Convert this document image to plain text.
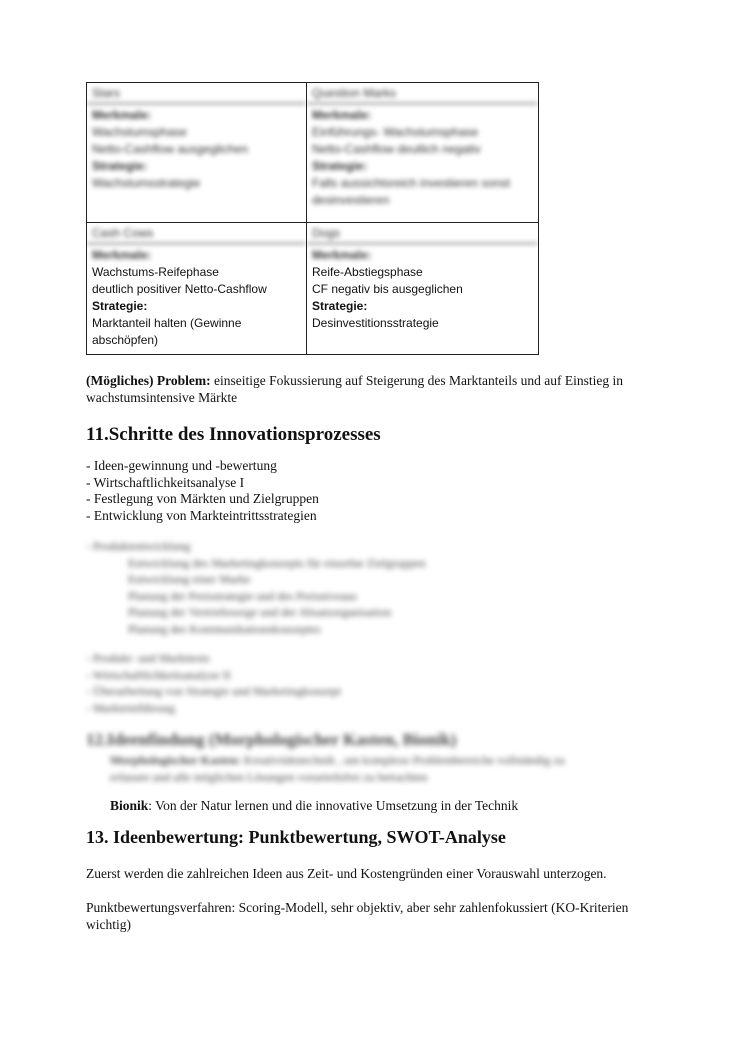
Stars
Merkmale:
Wachstumsphase
Netto-Cashflow ausgeglichen
Strategie:
Wachstumsstrategie
Question Marks
Merkmale:
Einführungs- Wachstumsphase
Netto-Cashflow deutlich negativ
Strategie:
Falls aussichtsreich investieren sonst
desinvestieren
Cash Cows
Merkmale:
Wachstums-Reifephase
deutlich positiver Netto-Cashflow
Strategie:
Marktanteil halten (Gewinne
abschöpfen)
Dogs
Merkmale:
Reife-Abstiegsphase
CF negativ bis ausgeglichen
Strategie:
Desinvestitionsstrategie
(Mögliches) Problem: einseitige Fokussierung auf Steigerung des Marktanteils und auf Einstieg in
wachstumsintensive Märkte
11.Schritte des Innovationsprozesses
- Ideen-gewinnung und -bewertung
- Wirtschaftlichkeitsanalyse I
- Festlegung von Märkten und Zielgruppen
- Entwicklung von Markteintrittsstrategien
- Produktentwicklung
Entwicklung des Marketingkonzepts für einzelne Zielgruppen
Entwicklung einer Marke
Planung der Preisstrategie und des Preisniveaus
Planung der Vertriebswege und der Absatzorganisation
Planung des Kommunikationskonzeptes
- Produkt- und Markttests
- Wirtschaftlichkeitsanalyse II
- Überarbeitung von Strategie und Marketingkonzept
- Markteinführung
12.Ideenfindung (Morphologischer Kasten, Bionik)
Morphologischer Kasten: Kreativitätstechnik , um komplexe Problembereiche vollständig zu
erfassen und alle möglichen Lösungen vorurteilsfrei zu betrachten
Bionik: Von der Natur lernen und die innovative Umsetzung in der Technik
13. Ideenbewertung: Punktbewertung, SWOT-Analyse
Zuerst werden die zahlreichen Ideen aus Zeit- und Kostengründen einer Vorauswahl unterzogen.
Punktbewertungsverfahren: Scoring-Modell, sehr objektiv, aber sehr zahlenfokussiert (KO-Kriterien
wichtig)
